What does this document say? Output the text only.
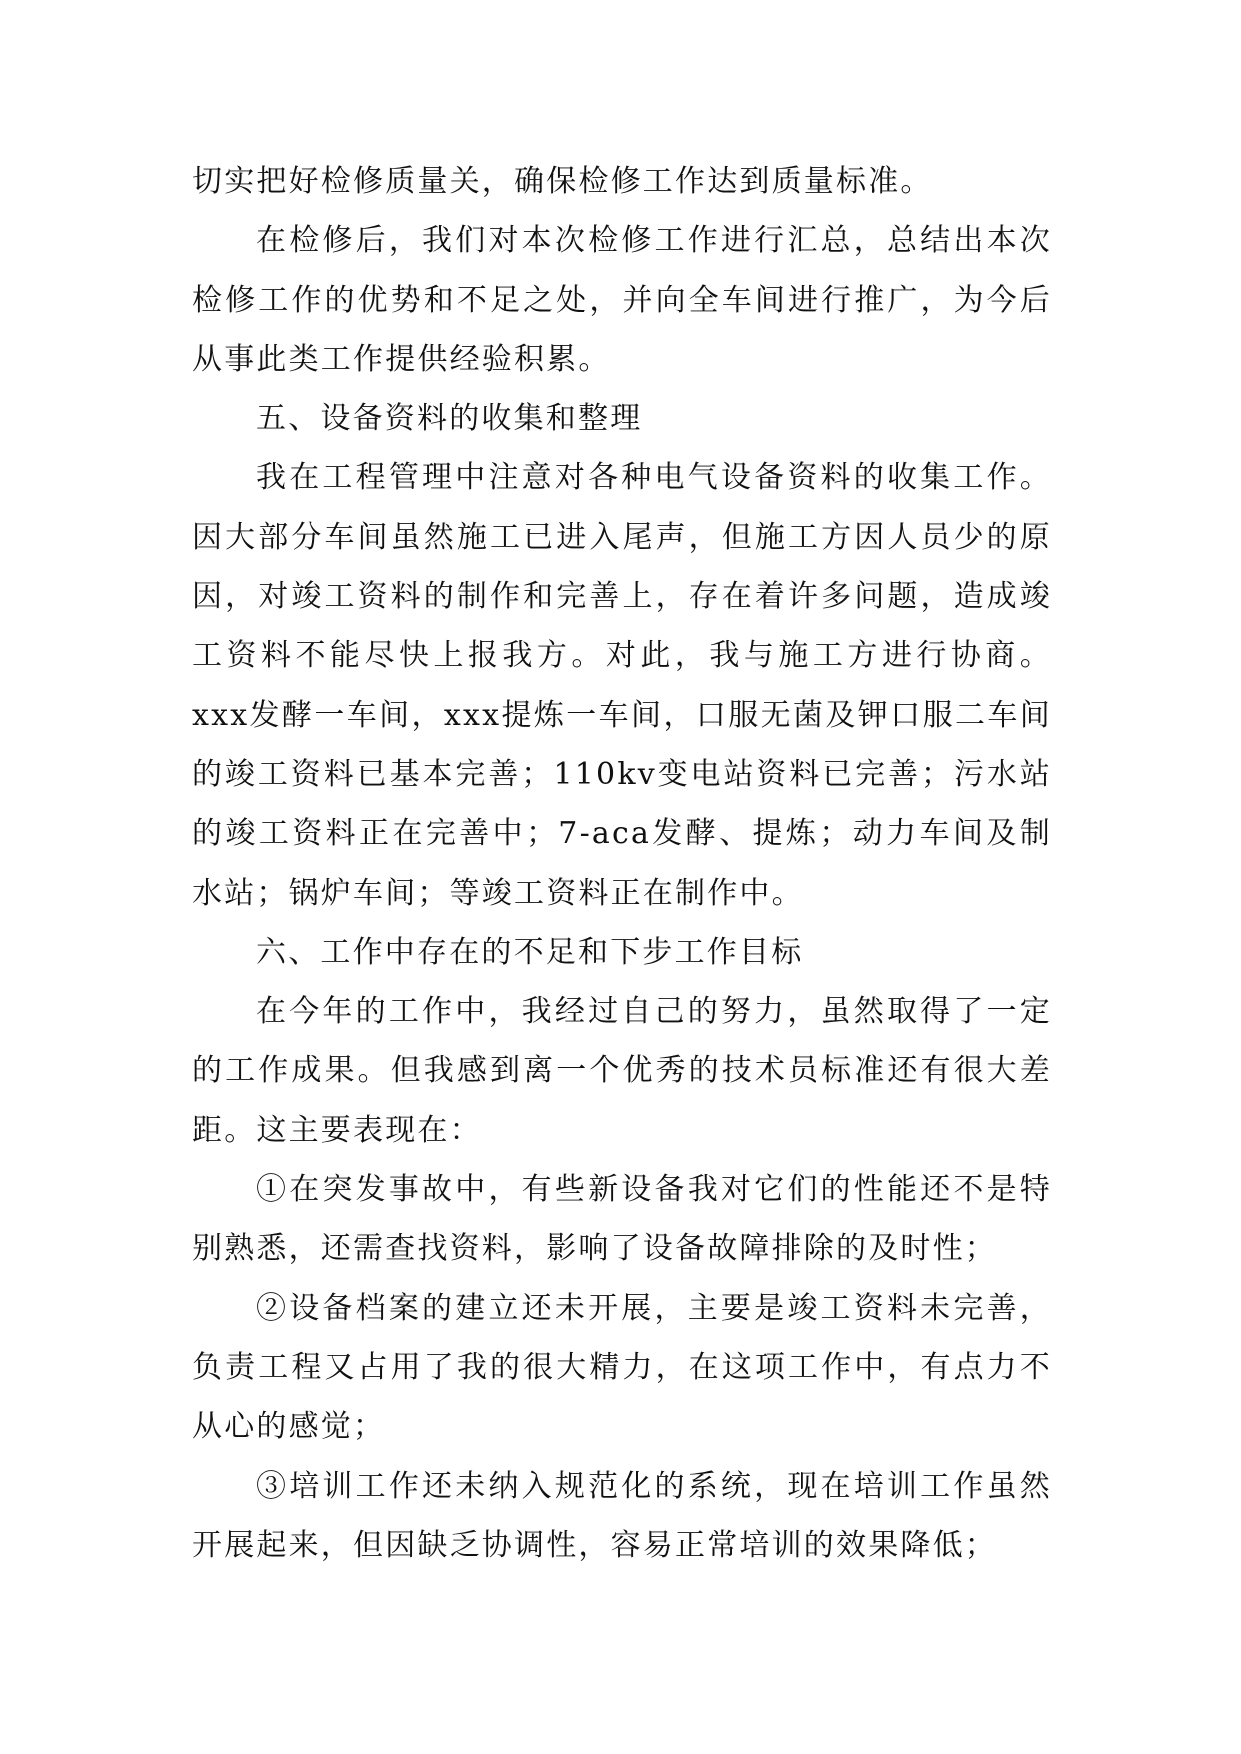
切实把好检修质量关，确保检修工作达到质量标准。

在检修后，我们对本次检修工作进行汇总，总结出本次检修工作的优势和不足之处，并向全车间进行推广，为今后从事此类工作提供经验积累。

五、设备资料的收集和整理

我在工程管理中注意对各种电气设备资料的收集工作。因大部分车间虽然施工已进入尾声，但施工方因人员少的原因，对竣工资料的制作和完善上，存在着许多问题，造成竣工资料不能尽快上报我方。对此，我与施工方进行协商。xxx发酵一车间，xxx提炼一车间，口服无菌及钾口服二车间的竣工资料已基本完善；110kv变电站资料已完善；污水站的竣工资料正在完善中；7-aca发酵、提炼；动力车间及制水站；锅炉车间；等竣工资料正在制作中。

六、工作中存在的不足和下步工作目标

在今年的工作中，我经过自己的努力，虽然取得了一定的工作成果。但我感到离一个优秀的技术员标准还有很大差距。这主要表现在：

①在突发事故中，有些新设备我对它们的性能还不是特别熟悉，还需查找资料，影响了设备故障排除的及时性；

②设备档案的建立还未开展，主要是竣工资料未完善，负责工程又占用了我的很大精力，在这项工作中，有点力不从心的感觉；

③培训工作还未纳入规范化的系统，现在培训工作虽然开展起来，但因缺乏协调性，容易正常培训的效果降低；
